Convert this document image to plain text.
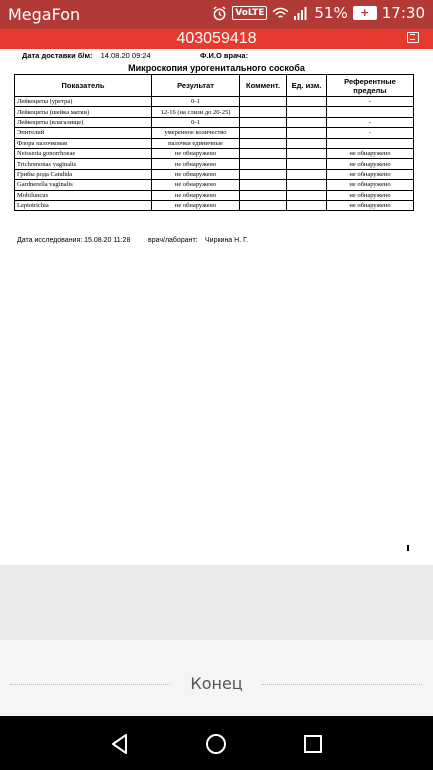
MegaFon	VoLTE	51%	+ 17:30
403059418
Дата доставки б/м: 14.08.20 09:24	Ф.И.О врача:
Микроскопия урогенитального соскоба
Показатель	Результат	Коммент.	Ед. изм.	Референтные пределы
Лейкоциты (уретра)	0-1			-
Лейкоциты (шейка матки)	12-16 (на слизи до 20-25)			
Лейкоциты (влагалище)	0-1			-
Эпителий	умеренное количество			-
Флора палочковая	палочки единичные			
Neisseria gonorrhoeae	не обнаружено			не обнаружено
Trichomonas vaginalis	не обнаружено			не обнаружено
Грибы рода Candida	не обнаружено			не обнаружено
Gardnerella vaginalis	не обнаружено			не обнаружено
Mobiluncus	не обнаружено			не обнаружено
Leptotrichia	не обнаружено			не обнаружено
Дата исследования: 15.08.20 11:28	врач/лаборант: Чиркина Н. Г.
Конец
